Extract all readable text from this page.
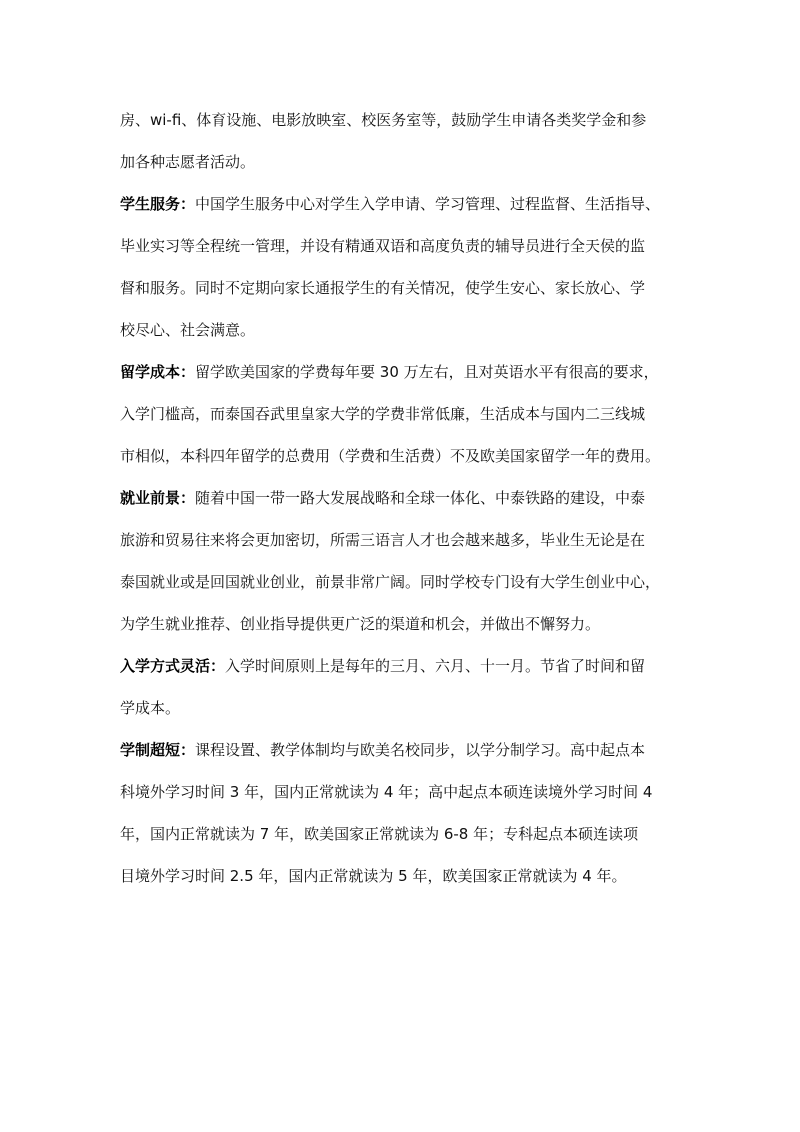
房、wi-fi、体育设施、电影放映室、校医务室等，鼓励学生申请各类奖学金和参
加各种志愿者活动。
学生服务：中国学生服务中心对学生入学申请、学习管理、过程监督、生活指导、
毕业实习等全程统一管理，并设有精通双语和高度负责的辅导员进行全天侯的监
督和服务。同时不定期向家长通报学生的有关情况，使学生安心、家长放心、学
校尽心、社会满意。
留学成本：留学欧美国家的学费每年要 30 万左右，且对英语水平有很高的要求，
入学门槛高，而泰国吞武里皇家大学的学费非常低廉，生活成本与国内二三线城
市相似，本科四年留学的总费用（学费和生活费）不及欧美国家留学一年的费用。
就业前景：随着中国一带一路大发展战略和全球一体化、中泰铁路的建设，中泰
旅游和贸易往来将会更加密切，所需三语言人才也会越来越多，毕业生无论是在
泰国就业或是回国就业创业，前景非常广阔。同时学校专门设有大学生创业中心，
为学生就业推荐、创业指导提供更广泛的渠道和机会，并做出不懈努力。
入学方式灵活：入学时间原则上是每年的三月、六月、十一月。节省了时间和留
学成本。
学制超短：课程设置、教学体制均与欧美名校同步，以学分制学习。高中起点本
科境外学习时间 3 年，国内正常就读为 4 年；高中起点本硕连读境外学习时间 4
年，国内正常就读为 7 年，欧美国家正常就读为 6-8 年；专科起点本硕连读项
目境外学习时间 2.5 年，国内正常就读为 5 年，欧美国家正常就读为 4 年。
